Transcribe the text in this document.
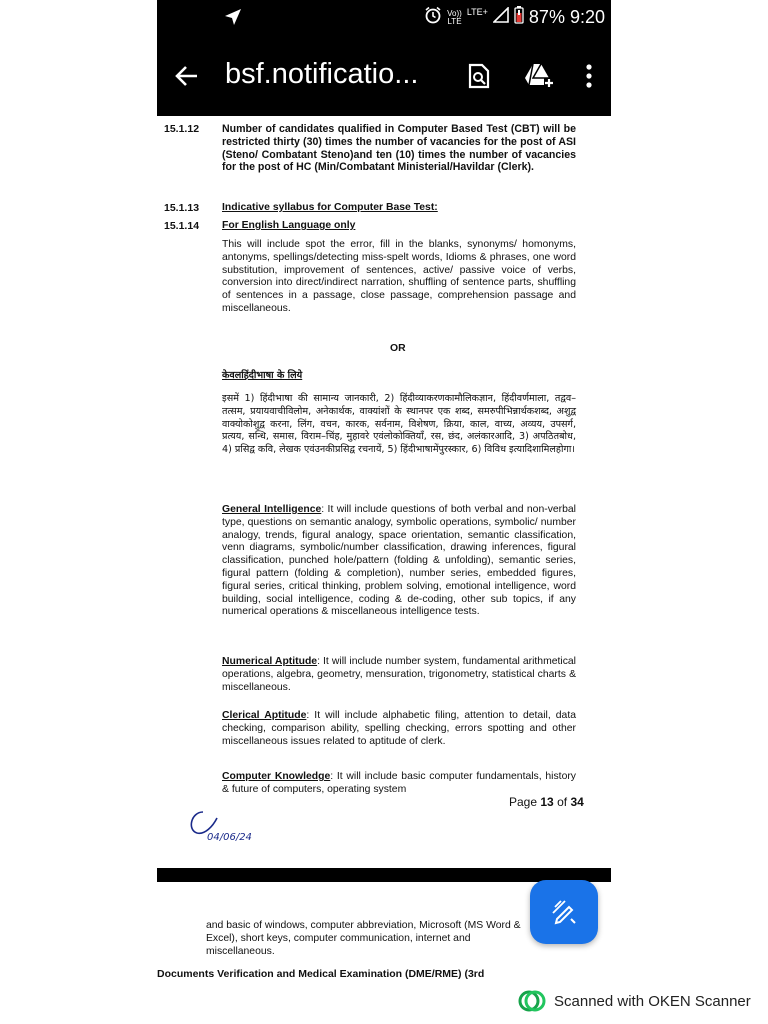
Vo))
LTE
LTE+ 87% 9:20
bsf.notificatio...
15.1.12 Number of candidates qualified in Computer Based Test (CBT) will be restricted thirty (30) times the number of vacancies for the post of ASI (Steno/ Combatant Steno)and ten (10) times the number of vacancies for the post of HC (Min/Combatant Ministerial/Havildar (Clerk).
15.1.13 Indicative syllabus for Computer Base Test:
15.1.14 For English Language only
This will include spot the error, fill in the blanks, synonyms/ homonyms, antonyms, spellings/detecting miss-spelt words, Idioms & phrases, one word substitution, improvement of sentences, active/ passive voice of verbs, conversion into direct/indirect narration, shuffling of sentence parts, shuffling of sentences in a passage, close passage, comprehension passage and miscellaneous.
OR
केवलहिंदीभाषा के लिये
इसमें 1) हिंदीभाषा की सामान्य जानकारी, 2) हिंदीव्याकरणकामौलिकज्ञान, हिंदीवर्णमाला, तद्व‌व–तत्सम, प्रयायवाचीविलोम, अनेकार्थक, वाक्यांशों के स्थानपर एक शब्द, समरुपीभिन्नार्थकशब्द, अशुद्व वाक्योकोशुद्व करना, लिंग, वचन, कारक, सर्वनाम, विशेषण, क्रिया, काल, वाच्य, अव्यय, उपसर्ग, प्रत्यय, सन्धि, समास, विराम–चिंह, मुहावरे एवंलोकोक्तियॉं, रस, छंद, अलंकारआदि, 3) अपठितबोध, 4) प्रसिद्व कवि, लेखक एवंउनकीप्रसिद्व रचनायें, 5) हिंदीभाषामेंपुरस्कार, 6) विविध इत्यादिशामिलहोगा।
General Intelligence: It will include questions of both verbal and non-verbal type, questions on semantic analogy, symbolic operations, symbolic/ number analogy, trends, figural analogy, space orientation, semantic classification, venn diagrams, symbolic/number classification, drawing inferences, figural classification, punched hole/pattern (folding & unfolding), semantic series, figural pattern (folding & completion), number series, embedded figures, figural series, critical thinking, problem solving, emotional intelligence, word building, social intelligence, coding & de-coding, other sub topics, if any numerical operations & miscellaneous intelligence tests.
Numerical Aptitude: It will include number system, fundamental arithmetical operations, algebra, geometry, mensuration, trigonometry, statistical charts & miscellaneous.
Clerical Aptitude: It will include alphabetic filing, attention to detail, data checking, comparison ability, spelling checking, errors spotting and other miscellaneous issues related to aptitude of clerk.
Computer Knowledge: It will include basic computer fundamentals, history & future of computers, operating system
Page 13 of 34
04/06/24
and basic of windows, computer abbreviation, Microsoft (MS Word & Excel), short keys, computer communication, internet and miscellaneous.
Documents Verification and Medical Examination (DME/RME) (3rd
Scanned with OKEN Scanner
